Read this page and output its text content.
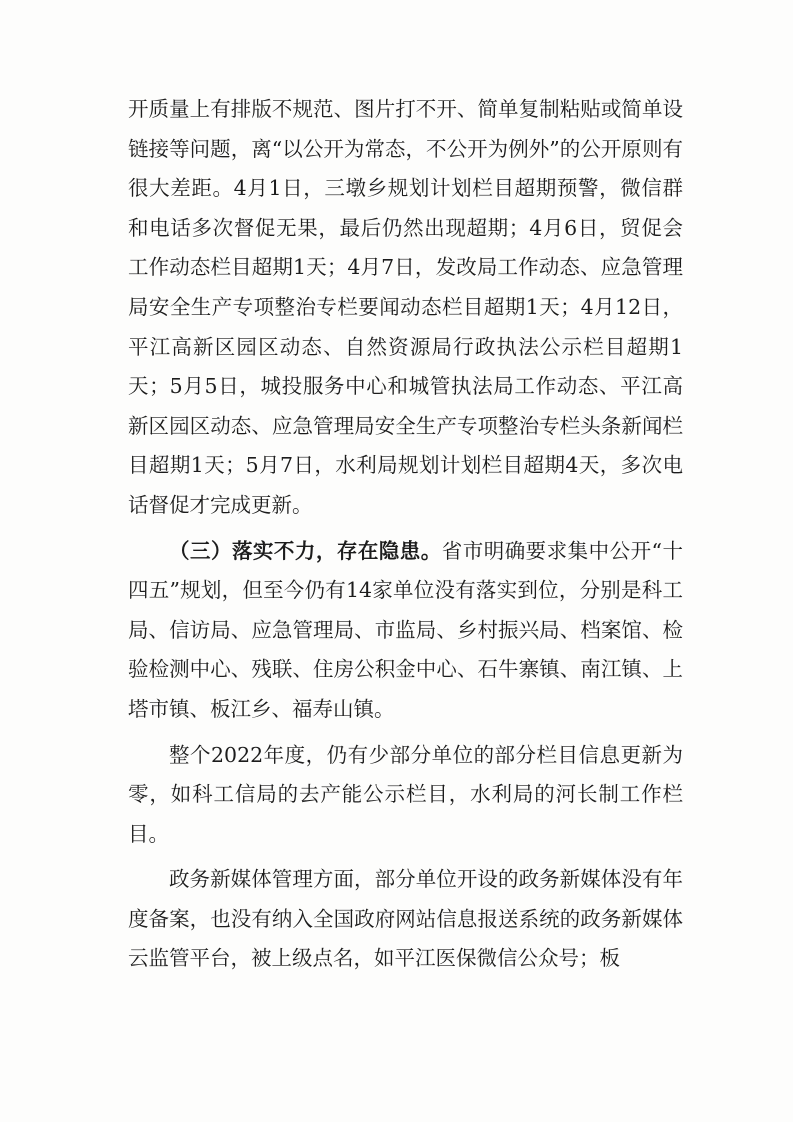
开质量上有排版不规范、图片打不开、简单复制粘贴或简单设链接等问题，离“以公开为常态，不公开为例外”的公开原则有很大差距。4月1日，三墩乡规划计划栏目超期预警，微信群和电话多次督促无果，最后仍然出现超期；4月6日，贸促会工作动态栏目超期1天；4月7日，发改局工作动态、应急管理局安全生产专项整治专栏要闻动态栏目超期1天；4月12日，平江高新区园区动态、自然资源局行政执法公示栏目超期1天；5月5日，城投服务中心和城管执法局工作动态、平江高新区园区动态、应急管理局安全生产专项整治专栏头条新闻栏目超期1天；5月7日，水利局规划计划栏目超期4天，多次电话督促才完成更新。

（三）落实不力，存在隐患。省市明确要求集中公开“十四五”规划，但至今仍有14家单位没有落实到位，分别是科工局、信访局、应急管理局、市监局、乡村振兴局、档案馆、检验检测中心、残联、住房公积金中心、石牛寨镇、南江镇、上塔市镇、板江乡、福寿山镇。

整个2022年度，仍有少部分单位的部分栏目信息更新为零，如科工信局的去产能公示栏目，水利局的河长制工作栏目。

政务新媒体管理方面，部分单位开设的政务新媒体没有年度备案，也没有纳入全国政府网站信息报送系统的政务新媒体云监管平台，被上级点名，如平江医保微信公众号；板
